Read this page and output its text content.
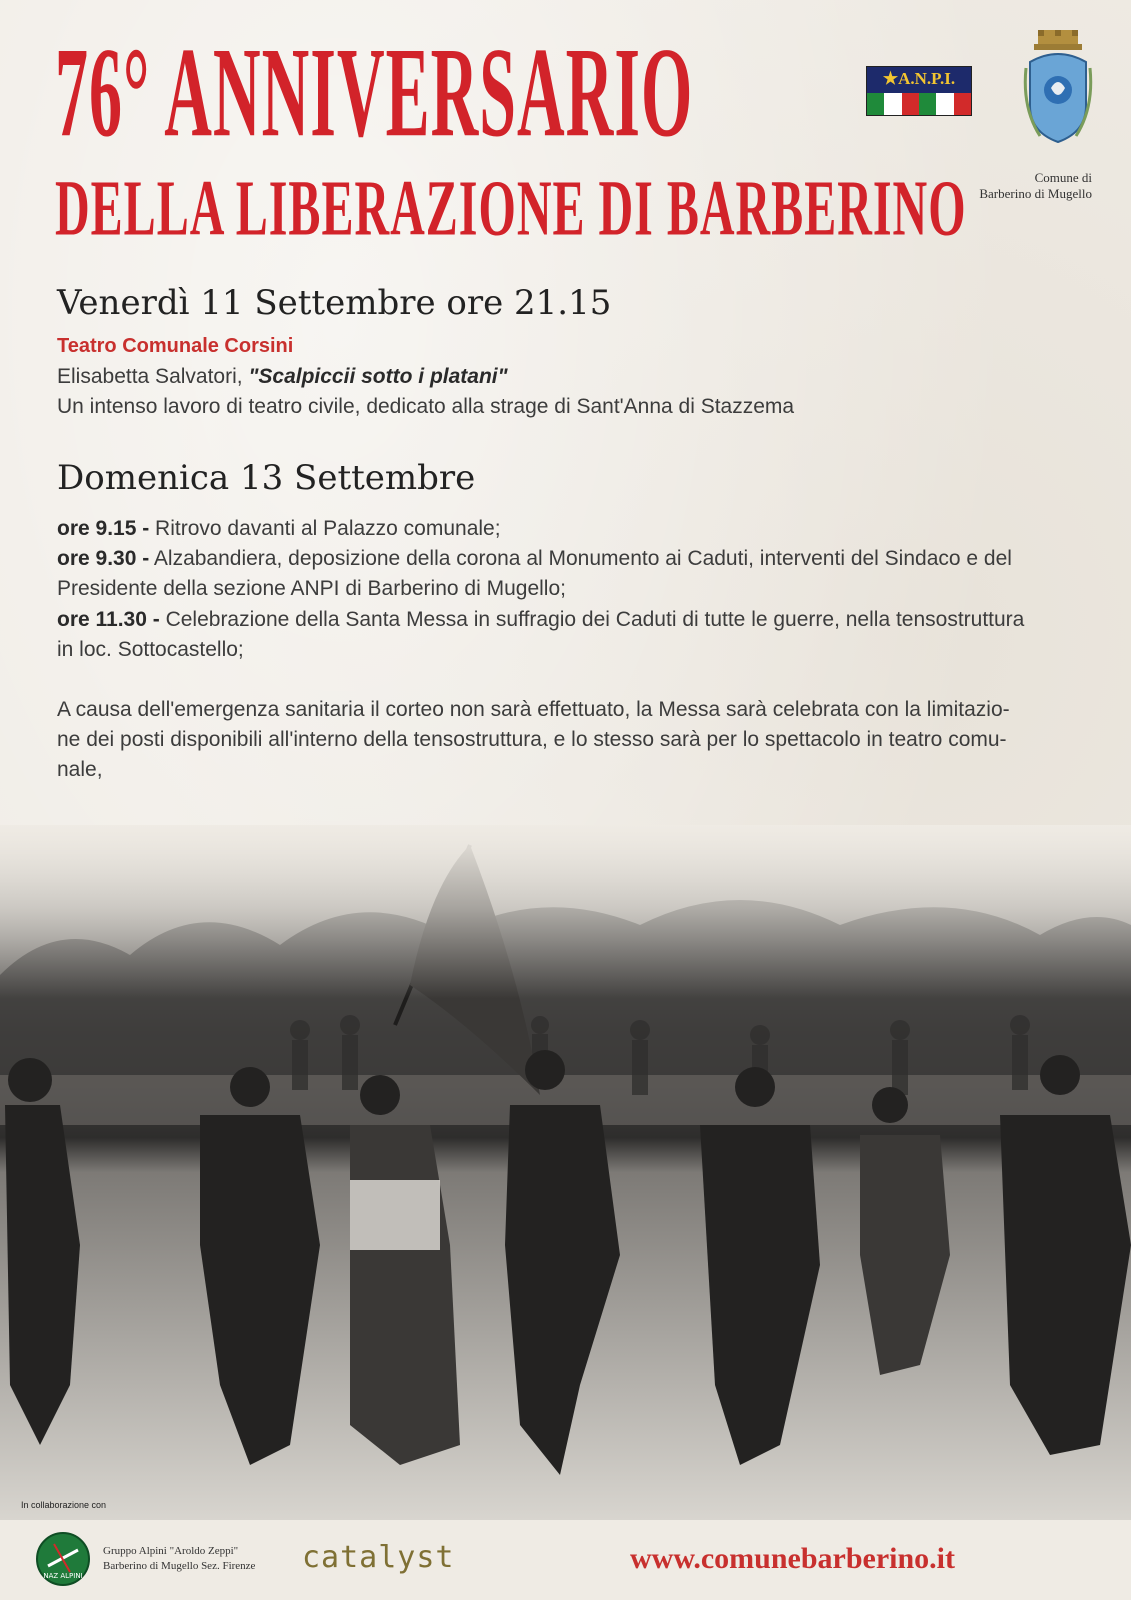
76° ANNIVERSARIO
DELLA LIBERAZIONE DI BARBERINO
★A.N.P.I.
Comune di
Barberino di Mugello
Venerdì 11 Settembre ore 21.15
Teatro Comunale Corsini
Elisabetta Salvatori, "Scalpiccii sotto i platani"
Un intenso lavoro di teatro civile, dedicato alla strage di Sant'Anna di Stazzema
Domenica 13 Settembre
ore 9.15 - Ritrovo davanti al Palazzo comunale;
ore 9.30 - Alzabandiera, deposizione della corona al Monumento ai Caduti, interventi del Sindaco e del
Presidente della sezione ANPI di Barberino di Mugello;
ore 11.30 - Celebrazione della Santa Messa in suffragio dei Caduti di tutte le guerre, nella tensostruttura
in loc. Sottocastello;
A causa dell'emergenza sanitaria il corteo non sarà effettuato, la Messa sarà celebrata con la limitazio-
ne dei posti disponibili all'interno della tensostruttura, e lo stesso sarà per lo spettacolo in teatro comu-
nale,
In collaborazione con
NAZ ALPINI
Gruppo Alpini "Aroldo Zeppi"
Barberino di Mugello Sez. Firenze catalyst	www.comunebarberino.it
